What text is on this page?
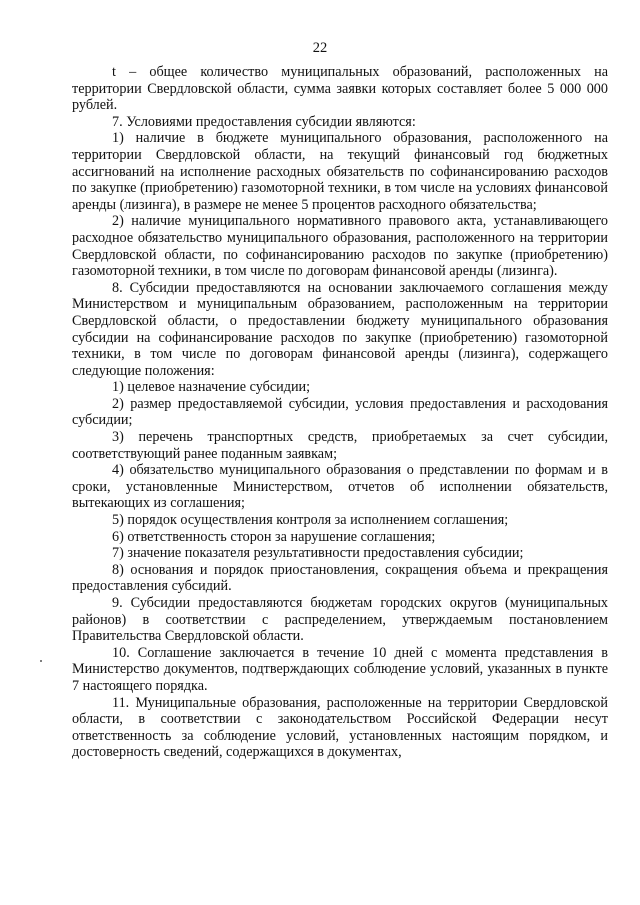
22

t – общее количество муниципальных образований, расположенных на территории Свердловской области, сумма заявки которых составляет более 5 000 000 рублей.

7. Условиями предоставления субсидии являются:

1) наличие в бюджете муниципального образования, расположенного на территории Свердловской области, на текущий финансовый год бюджетных ассигнований на исполнение расходных обязательств по софинансированию расходов по закупке (приобретению) газомоторной техники, в том числе на условиях финансовой аренды (лизинга), в размере не менее 5 процентов расходного обязательства;

2) наличие муниципального нормативного правового акта, устанавливающего расходное обязательство муниципального образования, расположенного на территории Свердловской области, по софинансированию расходов по закупке (приобретению) газомоторной техники, в том числе по договорам финансовой аренды (лизинга).

8. Субсидии предоставляются на основании заключаемого соглашения между Министерством и муниципальным образованием, расположенным на территории Свердловской области, о предоставлении бюджету муниципального образования субсидии на софинансирование расходов по закупке (приобретению) газомоторной техники, в том числе по договорам финансовой аренды (лизинга), содержащего следующие положения:

1) целевое назначение субсидии;

2) размер предоставляемой субсидии, условия предоставления и расходования субсидии;

3) перечень транспортных средств, приобретаемых за счет субсидии, соответствующий ранее поданным заявкам;

4) обязательство муниципального образования о представлении по формам и в сроки, установленные Министерством, отчетов об исполнении обязательств, вытекающих из соглашения;

5) порядок осуществления контроля за исполнением соглашения;

6) ответственность сторон за нарушение соглашения;

7) значение показателя результативности предоставления субсидии;

8) основания и порядок приостановления, сокращения объема и прекращения предоставления субсидий.

9. Субсидии предоставляются бюджетам городских округов (муниципальных районов) в соответствии с распределением, утверждаемым постановлением Правительства Свердловской области.

10. Соглашение заключается в течение 10 дней с момента представления в Министерство документов, подтверждающих соблюдение условий, указанных в пункте 7 настоящего порядка.

11. Муниципальные образования, расположенные на территории Свердловской области, в соответствии с законодательством Российской Федерации несут ответственность за соблюдение условий, установленных настоящим порядком, и достоверность сведений, содержащихся в документах,
